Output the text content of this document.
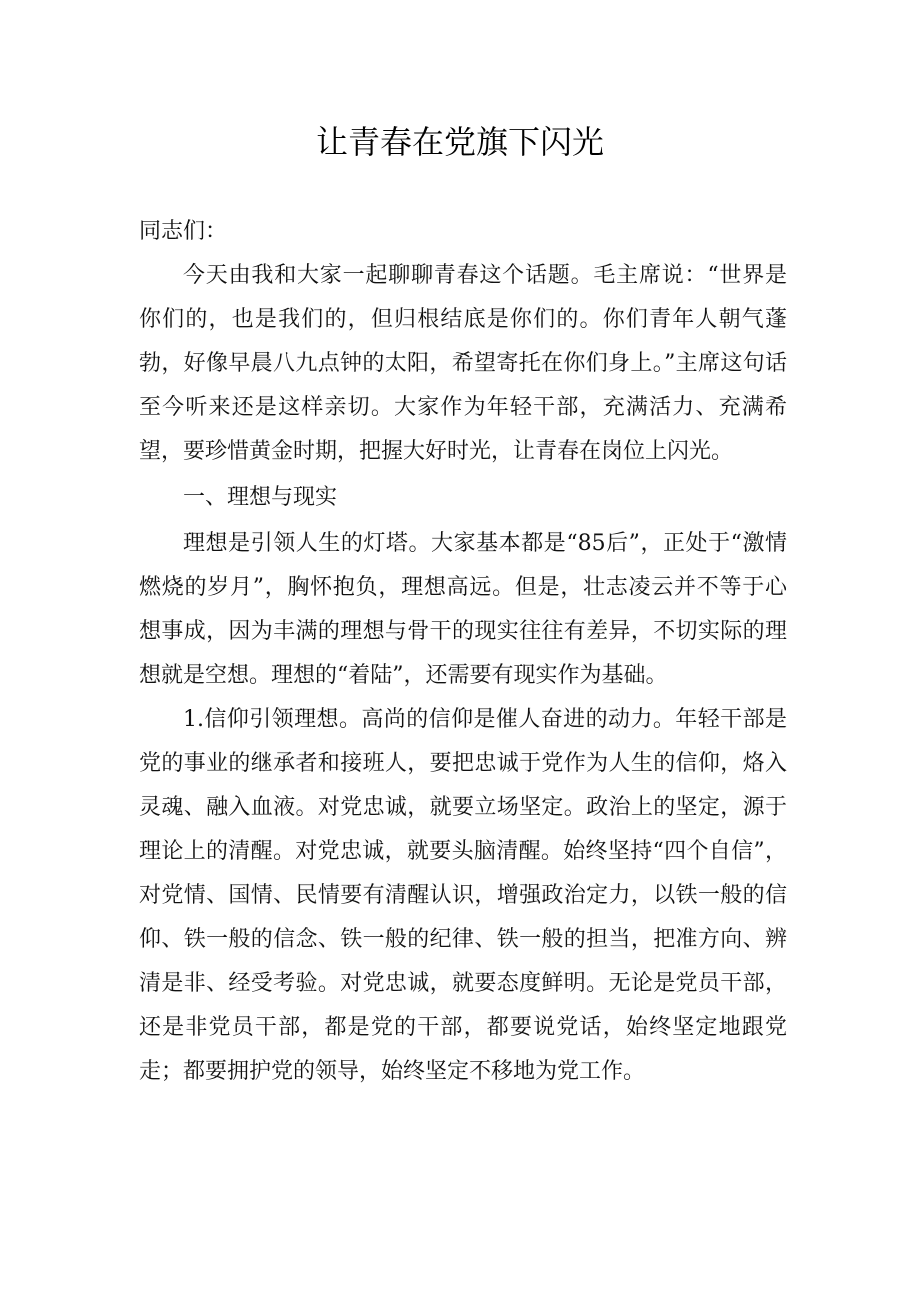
让青春在党旗下闪光

同志们：

今天由我和大家一起聊聊青春这个话题。毛主席说：“世界是你们的，也是我们的，但归根结底是你们的。你们青年人朝气蓬勃，好像早晨八九点钟的太阳，希望寄托在你们身上。”主席这句话至今听来还是这样亲切。大家作为年轻干部，充满活力、充满希望，要珍惜黄金时期，把握大好时光，让青春在岗位上闪光。

一、理想与现实

理想是引领人生的灯塔。大家基本都是“85后”，正处于“激情燃烧的岁月”，胸怀抱负，理想高远。但是，壮志凌云并不等于心想事成，因为丰满的理想与骨干的现实往往有差异，不切实际的理想就是空想。理想的“着陆”，还需要有现实作为基础。

1.信仰引领理想。高尚的信仰是催人奋进的动力。年轻干部是党的事业的继承者和接班人，要把忠诚于党作为人生的信仰，烙入灵魂、融入血液。对党忠诚，就要立场坚定。政治上的坚定，源于理论上的清醒。对党忠诚，就要头脑清醒。始终坚持“四个自信”，对党情、国情、民情要有清醒认识，增强政治定力，以铁一般的信仰、铁一般的信念、铁一般的纪律、铁一般的担当，把准方向、辨清是非、经受考验。对党忠诚，就要态度鲜明。无论是党员干部，还是非党员干部，都是党的干部，都要说党话，始终坚定地跟党走；都要拥护党的领导，始终坚定不移地为党工作。
